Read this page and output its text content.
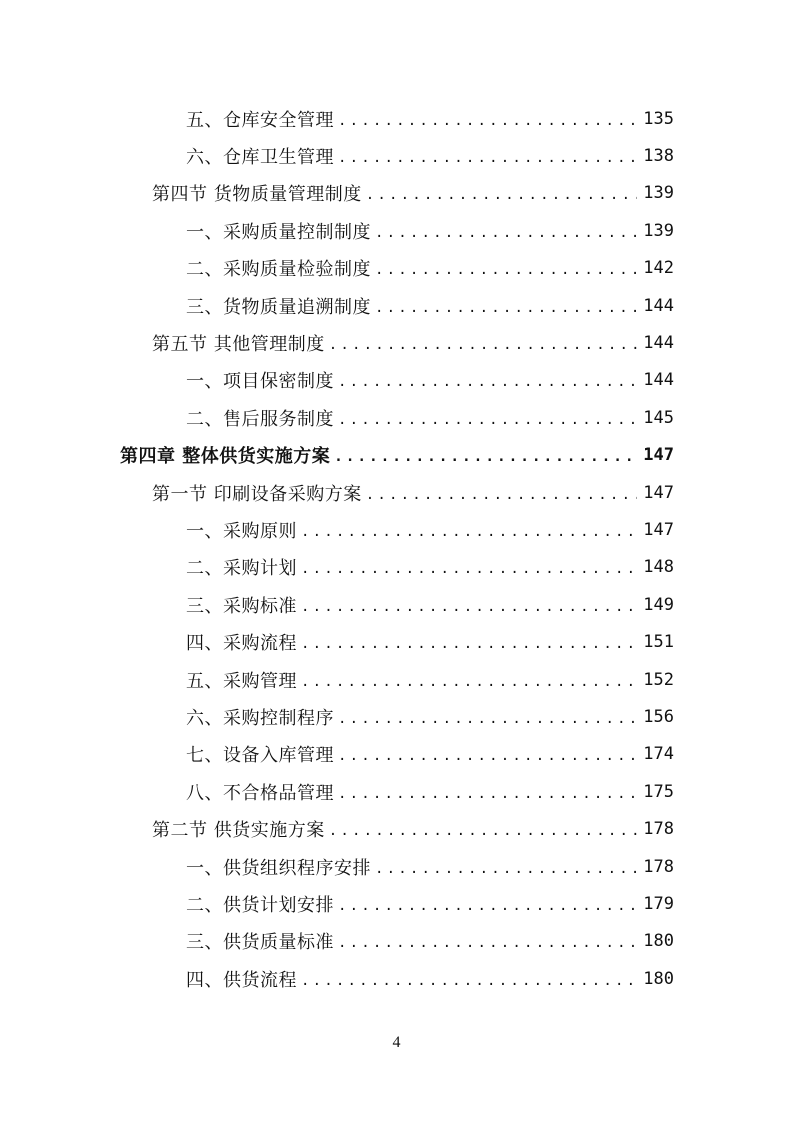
五、仓库安全管理 .....	135
六、仓库卫生管理 .....	138
第四节 货物质量管理制度 .....	139
一、采购质量控制制度 .....	139
二、采购质量检验制度 .....	142
三、货物质量追溯制度 .....	144
第五节 其他管理制度 .....	144
一、项目保密制度 .....	144
二、售后服务制度 .....	145
第四章 整体供货实施方案 .....	147
第一节 印刷设备采购方案 .....	147
一、采购原则 .....	147
二、采购计划 .....	148
三、采购标准 .....	149
四、采购流程 .....	151
五、采购管理 .....	152
六、采购控制程序 .....	156
七、设备入库管理 .....	174
八、不合格品管理 .....	175
第二节 供货实施方案 .....	178
一、供货组织程序安排 .....	178
二、供货计划安排 .....	179
三、供货质量标准 .....	180
四、供货流程 .....	180
4
